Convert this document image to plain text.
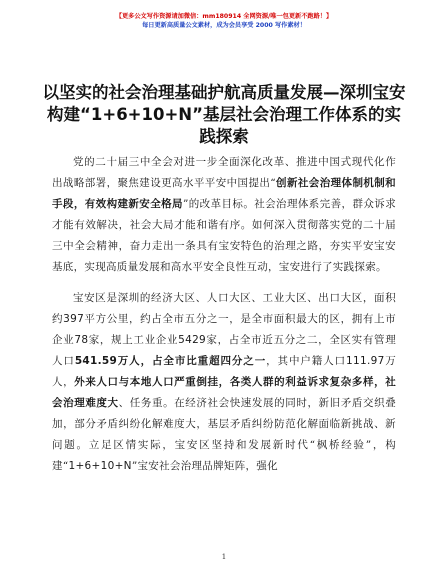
【更多公文写作资源请加微信：mm180914 全网资源/唯一包更新不跑路！】
每日更新高质量公文素材，成为会员享受 2000 写作素材！
以坚实的社会治理基础护航高质量发展—深圳宝安构建“1+6+10+N”基层社会治理工作体系的实践探索

党的二十届三中全会对进一步全面深化改革、推进中国式现代化作出战略部署，聚焦建设更高水平平安中国提出“创新社会治理体制机制和手段，有效构建新安全格局”的改革目标。社会治理体系完善，群众诉求才能有效解决，社会大局才能和谐有序。如何深入贯彻落实党的二十届三中全会精神，奋力走出一条具有宝安特色的治理之路，夯实平安宝安基底，实现高质量发展和高水平安全良性互动，宝安进行了实践探索。

宝安区是深圳的经济大区、人口大区、工业大区、出口大区，面积约397平方公里，约占全市五分之一，是全市面积最大的区，拥有上市企业78家，规上工业企业5429家，占全市近五分之二，全区实有管理人口541.59万人，占全市比重超四分之一，其中户籍人口111.97万人，外来人口与本地人口严重倒挂，各类人群的利益诉求复杂多样，社会治理难度大、任务重。在经济社会快速发展的同时，新旧矛盾交织叠加，部分矛盾纠纷化解难度大，基层矛盾纠纷防范化解面临新挑战、新问题。立足区情实际，宝安区坚持和发展新时代“枫桥经验”，构建“1+6+10+N”宝安社会治理品牌矩阵，强化

1
